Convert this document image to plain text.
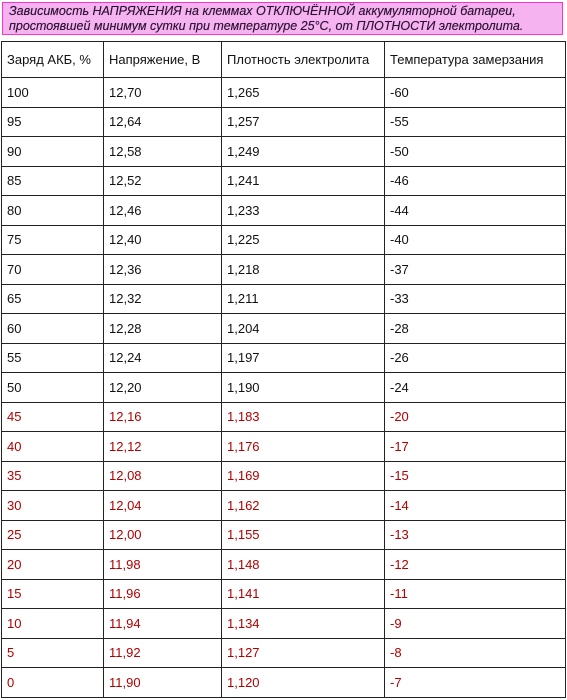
Зависимость НАПРЯЖЕНИЯ на клеммах ОТКЛЮЧЁННОЙ аккумуляторной батареи,
простоявшей минимум сутки при температуре 25°С, от ПЛОТНОСТИ электролита.
Заряд АКБ, %	Напряжение, В	Плотность электролита	Температура замерзания
100	12,70	1,265	-60
95	12,64	1,257	-55
90	12,58	1,249	-50
85	12,52	1,241	-46
80	12,46	1,233	-44
75	12,40	1,225	-40
70	12,36	1,218	-37
65	12,32	1,211	-33
60	12,28	1,204	-28
55	12,24	1,197	-26
50	12,20	1,190	-24
45	12,16	1,183	-20
40	12,12	1,176	-17
35	12,08	1,169	-15
30	12,04	1,162	-14
25	12,00	1,155	-13
20	11,98	1,148	-12
15	11,96	1,141	-11
10	11,94	1,134	-9
5	11,92	1,127	-8
0	11,90	1,120	-7
